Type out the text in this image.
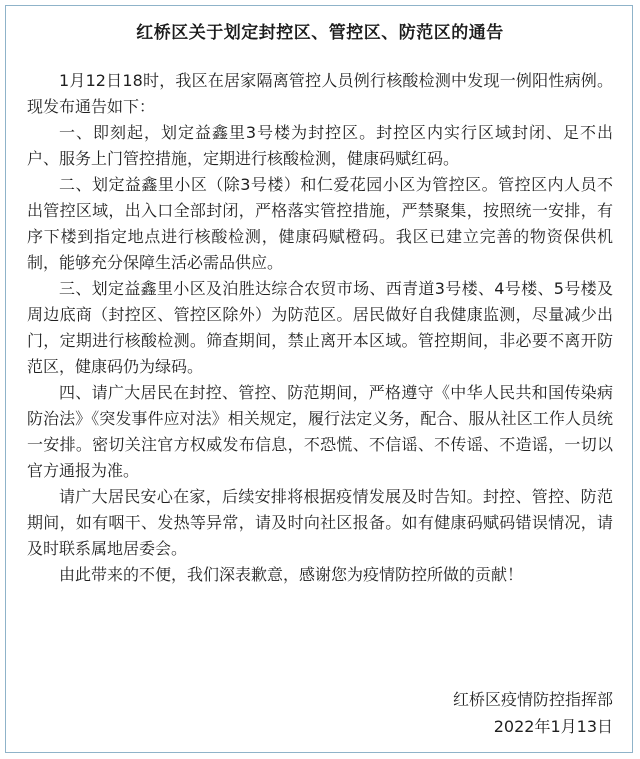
红桥区关于划定封控区、管控区、防范区的通告

1月12日18时，我区在居家隔离管控人员例行核酸检测中发现一例阳性病例。现发布通告如下：

一、即刻起，划定益鑫里3号楼为封控区。封控区内实行区域封闭、足不出户、服务上门管控措施，定期进行核酸检测，健康码赋红码。

二、划定益鑫里小区（除3号楼）和仁爱花园小区为管控区。管控区内人员不出管控区域，出入口全部封闭，严格落实管控措施，严禁聚集，按照统一安排，有序下楼到指定地点进行核酸检测，健康码赋橙码。我区已建立完善的物资保供机制，能够充分保障生活必需品供应。

三、划定益鑫里小区及泊胜达综合农贸市场、西青道3号楼、4号楼、5号楼及周边底商（封控区、管控区除外）为防范区。居民做好自我健康监测，尽量减少出门，定期进行核酸检测。筛查期间，禁止离开本区域。管控期间，非必要不离开防范区，健康码仍为绿码。

四、请广大居民在封控、管控、防范期间，严格遵守《中华人民共和国传染病防治法》《突发事件应对法》相关规定，履行法定义务，配合、服从社区工作人员统一安排。密切关注官方权威发布信息，不恐慌、不信谣、不传谣、不造谣，一切以官方通报为准。

请广大居民安心在家，后续安排将根据疫情发展及时告知。封控、管控、防范期间，如有咽干、发热等异常，请及时向社区报备。如有健康码赋码错误情况，请及时联系属地居委会。

由此带来的不便，我们深表歉意，感谢您为疫情防控所做的贡献！

红桥区疫情防控指挥部
2022年1月13日
